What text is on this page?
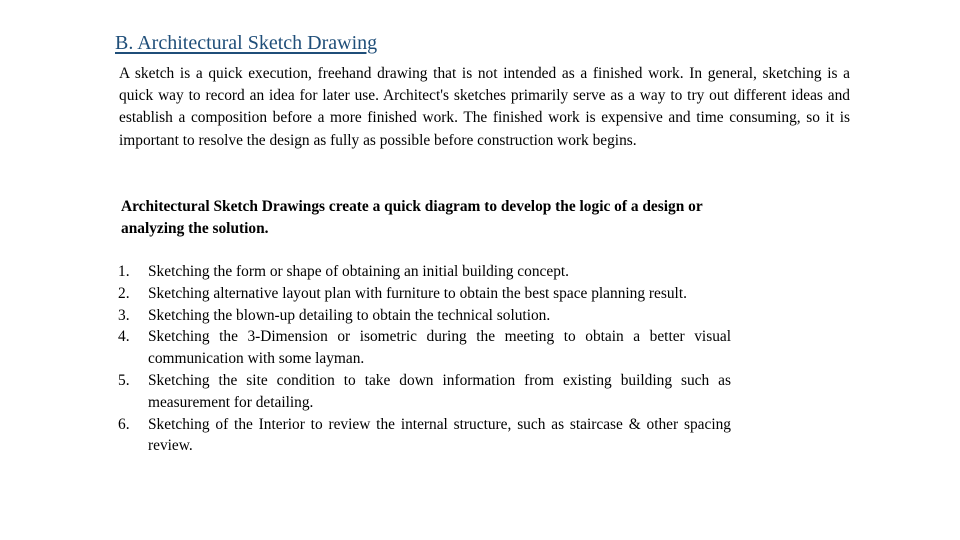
B. Architectural Sketch Drawing

A sketch is a quick execution, freehand drawing that is not intended as a finished work. In general, sketching is a quick way to record an idea for later use. Architect's sketches primarily serve as a way to try out different ideas and establish a composition before a more finished work. The finished work is expensive and time consuming, so it is important to resolve the design as fully as possible before construction work begins.

Architectural Sketch Drawings create a quick diagram to develop the logic of a design or analyzing the solution.

1. Sketching the form or shape of obtaining an initial building concept.
2. Sketching alternative layout plan with furniture to obtain the best space planning result.
3. Sketching the blown-up detailing to obtain the technical solution.
4. Sketching the 3-Dimension or isometric during the meeting to obtain a better visual communication with some layman.
5. Sketching the site condition to take down information from existing building such as measurement for detailing.
6. Sketching of the Interior to review the internal structure, such as staircase & other spacing review.
